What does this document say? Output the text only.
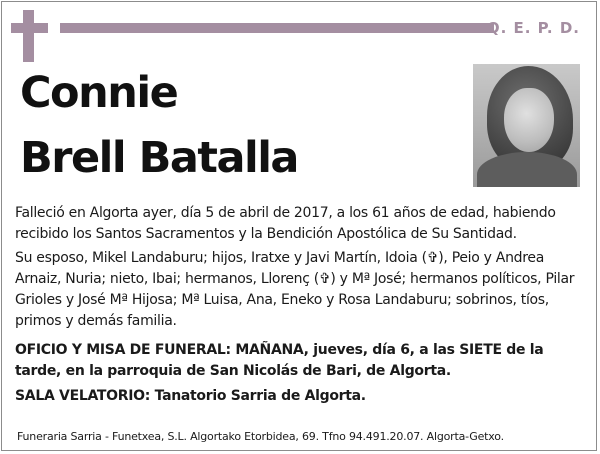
Q. E. P. D.
Connie
Brell Batalla
Falleció en Algorta ayer, día 5 de abril de 2017, a los 61 años de edad, habiendo recibido los Santos Sacramentos y la Bendición Apostólica de Su Santidad.
Su esposo, Mikel Landaburu; hijos, Iratxe y Javi Martín, Idoia (✞), Peio y Andrea Arnaiz, Nuria; nieto, Ibai; hermanos, Llorenç (✞) y Mª José; hermanos políticos, Pilar Grioles y José Mª Hijosa; Mª Luisa, Ana, Eneko y Rosa Landaburu; sobrinos, tíos, primos y demás familia.
OFICIO Y MISA DE FUNERAL: MAÑANA, jueves, día 6, a las SIETE de la tarde, en la parroquia de San Nicolás de Bari, de Algorta.
SALA VELATORIO: Tanatorio Sarria de Algorta.
Funeraria Sarria - Funetxea, S.L. Algortako Etorbidea, 69. Tfno 94.491.20.07. Algorta-Getxo.
